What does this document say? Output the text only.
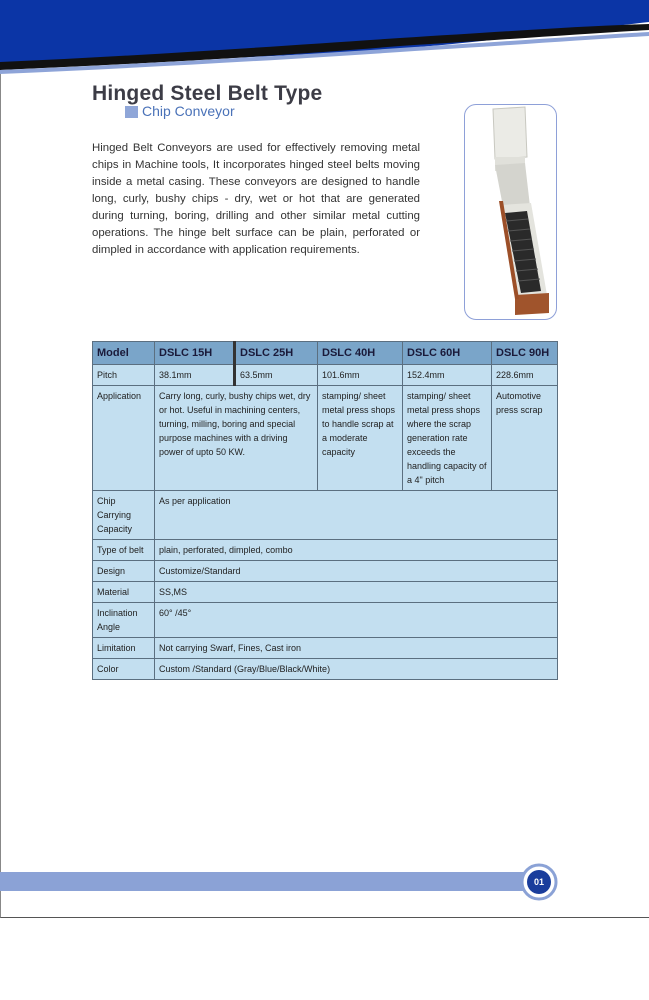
Hinged Steel Belt Type
Chip Conveyor

Hinged Belt Conveyors are used for effectively removing metal chips in Machine tools, It incorporates hinged steel belts moving inside a metal casing. These conveyors are designed to handle long, curly, bushy chips - dry, wet or hot that are generated during turning, boring, drilling and other similar metal cutting operations. The hinge belt surface can be plain, perforated or dimpled in accordance with application requirements.

Model	DSLC 15H	DSLC 25H	DSLC 40H	DSLC 60H	DSLC 90H
Pitch	38.1mm	63.5mm	101.6mm	152.4mm	228.6mm
Application	Carry long, curly, bushy chips wet, dry or hot. Useful in machining centers, turning, milling, boring and special purpose machines with a driving power of upto 50 KW.		stamping/ sheet metal press shops to handle scrap at a moderate capacity	stamping/ sheet metal press shops where the scrap generation rate exceeds the handling capacity of a 4" pitch	Automotive press scrap
Chip Carrying Capacity	As per application				
Type of belt	plain, perforated, dimpled, combo				
Design	Customize/Standard				
Material	SS,MS				
Inclination Angle	60° /45°				
Limitation	Not carrying Swarf, Fines, Cast iron				
Color	Custom /Standard (Gray/Blue/Black/White)				
01
